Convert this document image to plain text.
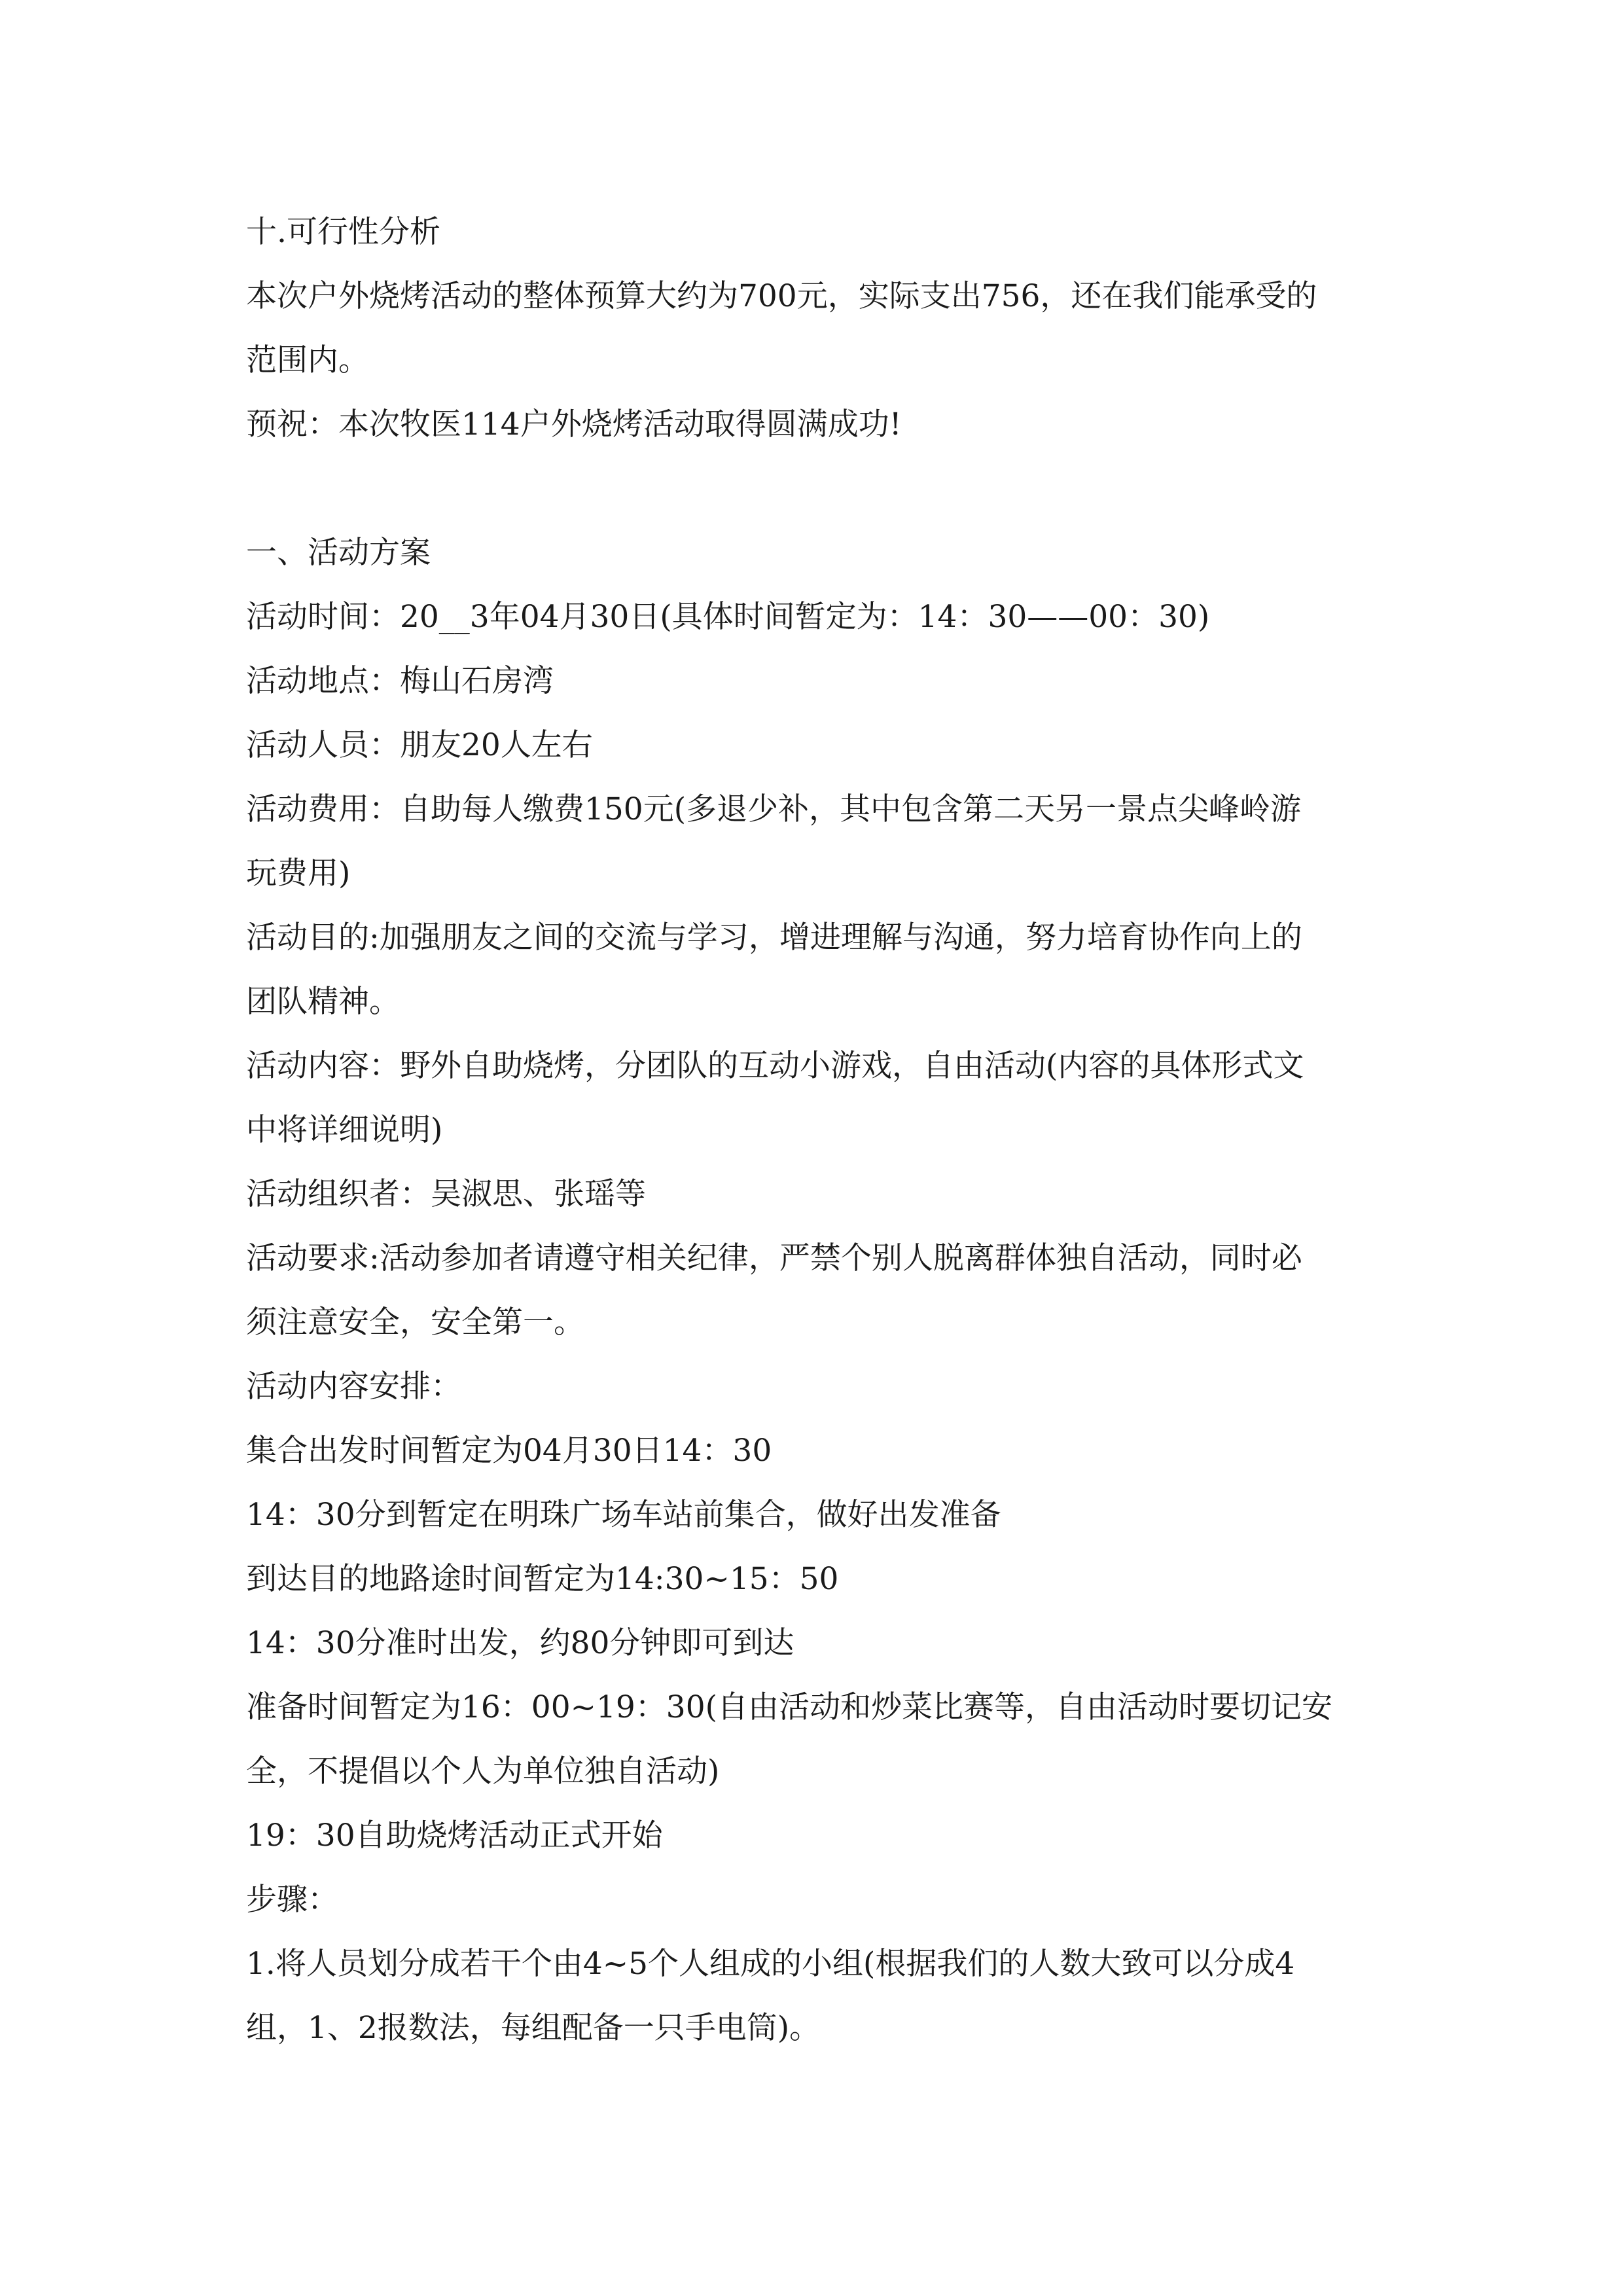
十.可行性分析
本次户外烧烤活动的整体预算大约为700元，实际支出756，还在我们能承受的
范围内。
预祝：本次牧医114户外烧烤活动取得圆满成功!
一、活动方案
活动时间：20__3年04月30日(具体时间暂定为：14：30——00：30)
活动地点：梅山石房湾
活动人员：朋友20人左右
活动费用：自助每人缴费150元(多退少补，其中包含第二天另一景点尖峰岭游
玩费用)
活动目的:加强朋友之间的交流与学习，增进理解与沟通，努力培育协作向上的
团队精神。
活动内容：野外自助烧烤，分团队的互动小游戏，自由活动(内容的具体形式文
中将详细说明)
活动组织者：吴淑思、张瑶等
活动要求:活动参加者请遵守相关纪律，严禁个别人脱离群体独自活动，同时必
须注意安全，安全第一。
活动内容安排：
集合出发时间暂定为04月30日14：30
14：30分到暂定在明珠广场车站前集合，做好出发准备
到达目的地路途时间暂定为14:30~15：50
14：30分准时出发，约80分钟即可到达
准备时间暂定为16：00~19：30(自由活动和炒菜比赛等，自由活动时要切记安
全，不提倡以个人为单位独自活动)
19：30自助烧烤活动正式开始
步骤：
1.将人员划分成若干个由4~5个人组成的小组(根据我们的人数大致可以分成4
组，1、2报数法，每组配备一只手电筒)。
